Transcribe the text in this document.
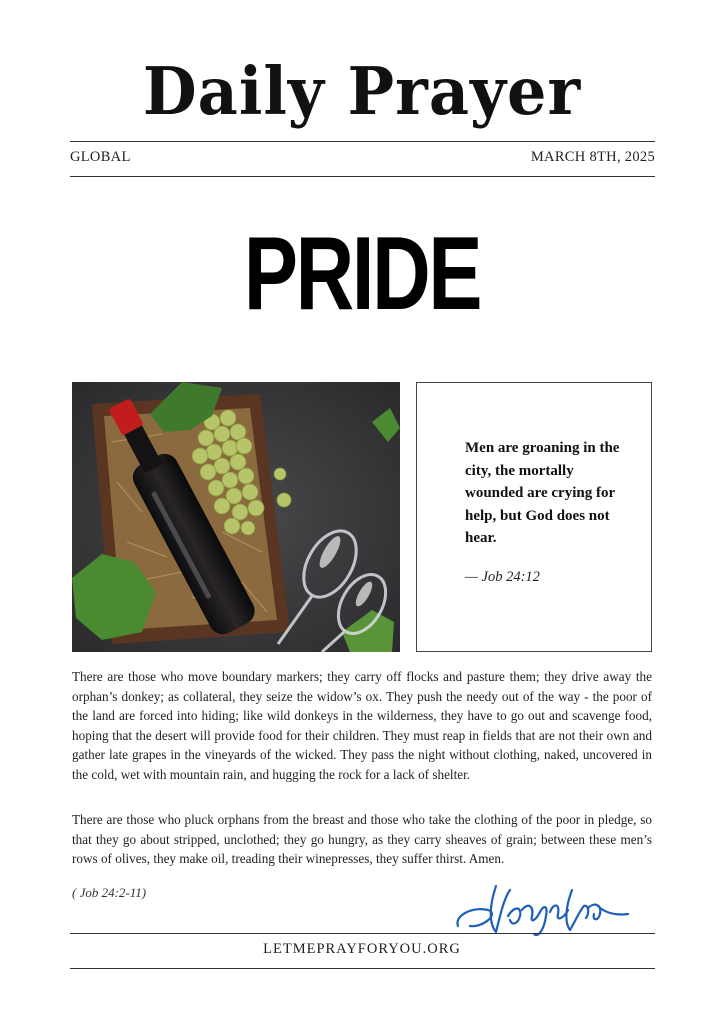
Daily Prayer
GLOBAL	MARCH 8TH, 2025
PRIDE
Men are groaning in the city, the mortally wounded are crying for help, but God does not hear.
— Job 24:12

There are those who move boundary markers; they carry off flocks and pasture them; they drive away the orphan’s donkey; as collateral, they seize the widow’s ox. They push the needy out of the way - the poor of the land are forced into hiding; like wild donkeys in the wilderness, they have to go out and scavenge food, hoping that the desert will provide food for their children. They must reap in fields that are not their own and gather late grapes in the vineyards of the wicked. They pass the night without clothing, naked, uncovered in the cold, wet with mountain rain, and hugging the rock for a lack of shelter.

There are those who pluck orphans from the breast and those who take the clothing of the poor in pledge, so that they go about stripped, unclothed; they go hungry, as they carry sheaves of grain; between these men’s rows of olives, they make oil, treading their winepresses, they suffer thirst. Amen.

( Job 24:2-11)
LETMEPRAYFORYOU.ORG
